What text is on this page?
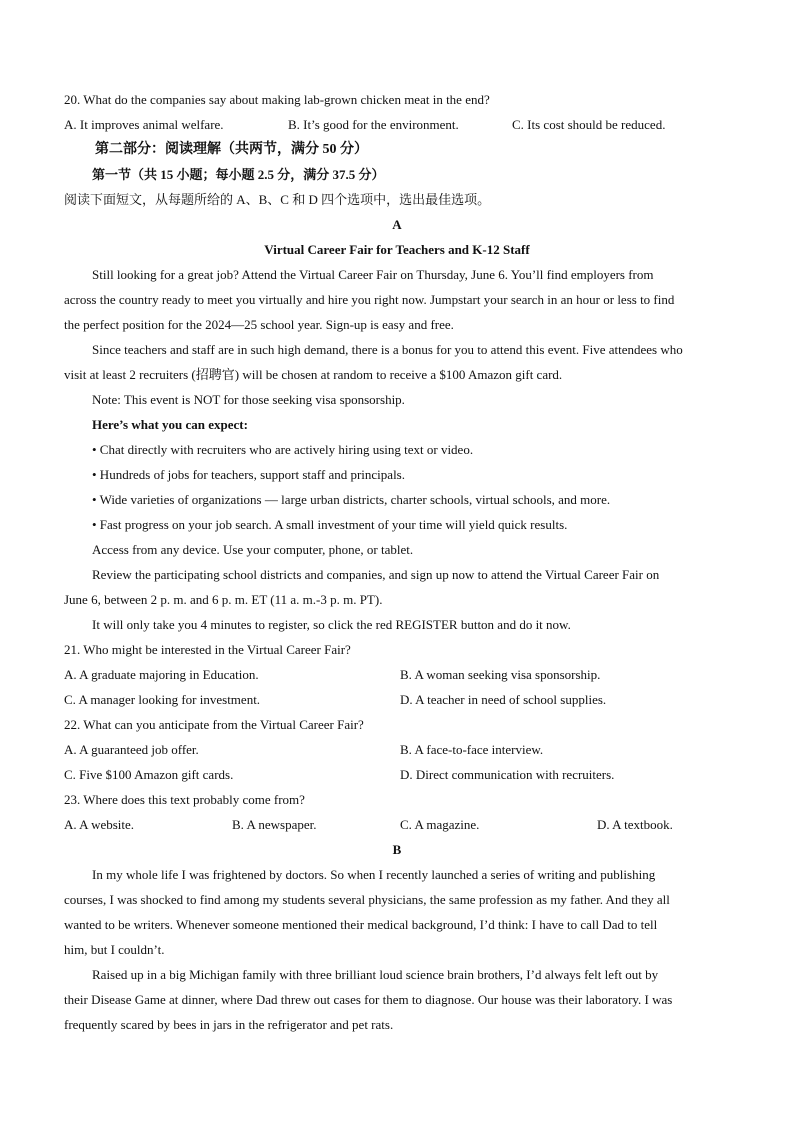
20. What do the companies say about making lab-grown chicken meat in the end?
A. It improves animal welfare.	B. It’s good for the environment.	C. Its cost should be reduced.
第二部分：阅读理解（共两节，满分 50 分）
第一节（共 15 小题；每小题 2.5 分，满分 37.5 分）
阅读下面短文，从每题所给的 A、B、C 和 D 四个选项中，选出最佳选项。
A
Virtual Career Fair for Teachers and K-12 Staff
Still looking for a great job? Attend the Virtual Career Fair on Thursday, June 6. You’ll find employers from
across the country ready to meet you virtually and hire you right now. Jumpstart your search in an hour or less to find
the perfect position for the 2024—25 school year. Sign-up is easy and free.
Since teachers and staff are in such high demand, there is a bonus for you to attend this event. Five attendees who
visit at least 2 recruiters (招聘官) will be chosen at random to receive a $100 Amazon gift card.
Note: This event is NOT for those seeking visa sponsorship.
Here’s what you can expect:
• Chat directly with recruiters who are actively hiring using text or video.
• Hundreds of jobs for teachers, support staff and principals.
• Wide varieties of organizations — large urban districts, charter schools, virtual schools, and more.
• Fast progress on your job search. A small investment of your time will yield quick results.
Access from any device. Use your computer, phone, or tablet.
Review the participating school districts and companies, and sign up now to attend the Virtual Career Fair on
June 6, between 2 p. m. and 6 p. m. ET (11 a. m.-3 p. m. PT).
It will only take you 4 minutes to register, so click the red REGISTER button and do it now.
21. Who might be interested in the Virtual Career Fair?
A. A graduate majoring in Education.	B. A woman seeking visa sponsorship.
C. A manager looking for investment.	D. A teacher in need of school supplies.
22. What can you anticipate from the Virtual Career Fair?
A. A guaranteed job offer.	B. A face-to-face interview.
C. Five $100 Amazon gift cards.	D. Direct communication with recruiters.
23. Where does this text probably come from?
A. A website.	B. A newspaper.	C. A magazine.	D. A textbook.
B
In my whole life I was frightened by doctors. So when I recently launched a series of writing and publishing
courses, I was shocked to find among my students several physicians, the same profession as my father. And they all
wanted to be writers. Whenever someone mentioned their medical background, I’d think: I have to call Dad to tell
him, but I couldn’t.
Raised up in a big Michigan family with three brilliant loud science brain brothers, I’d always felt left out by
their Disease Game at dinner, where Dad threw out cases for them to diagnose. Our house was their laboratory. I was
frequently scared by bees in jars in the refrigerator and pet rats.
